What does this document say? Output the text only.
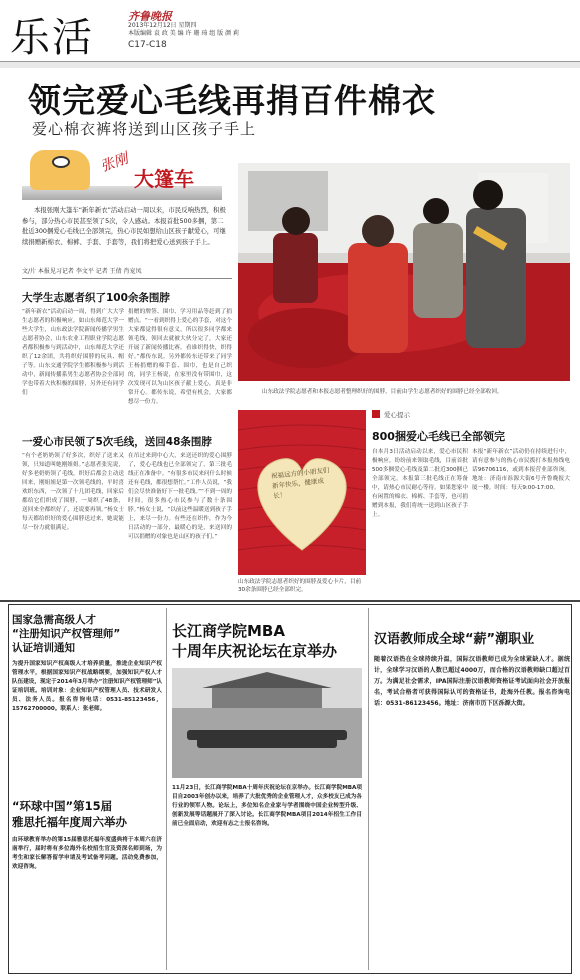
乐活	齐鲁晚报
2013年12月12日 星期四
本版编辑 袁 政 美 编 许 珊 琦 组 版 颜 莉
C17-C18
领完爱心毛线再捐百件棉衣
爱心棉衣裤将送到山区孩子手上
张刚
大篷车
本报张刚大篷车“新年新衣”活动启动一周以来，市民反响热烈，积极参与，部分热心市民甚至领了5次，令人感动。本报首批500多捆，第二批近300捆爱心毛线已全部领完，热心市民如想给山区孩子献爱心，可继续捐赠新棉衣、棉裤、手套、手套等，我们将把爱心送到孩子手上。
文/片 本报见习记者 李文平 记者 王倩 肖宠凤
山东政法学院志愿者和本报志愿者整理织好的围脖，目前由学生志愿者织好的围脖已经全部收回。
大学生志愿者织了100余条围脖
“新年新衣”活动启动一周，得到广大大学生志愿者的积极响应。如山东师范大学一些大学生，山东政法学院新闻传播学男生志愿者协会，山东农业工程职业学院志愿者都积极参与到活动中，山东师范大学还织了12余团，共将织好围脖的玩具、帽子等。山东交通学院学生都积极参与到活动中，新闻传播系男生志愿者协会全部同学也带着大伙积极的围脖，另外还有同学们
捐赠的牌签、围巾、学习用品等赶到了捐赠点。“一看到织得上爱心的手套，对这个大家都觉得很有意义，所以很多同学都来领毛线，领回去就被大伙分完了，大家还开展了新闻传播比赛，看谁织得快，织得好。”都传东说。另外都传东还带来了同学王杨捐赠的棉手套、围巾，也是自己织的，同学王杨说，在家里没有带围巾，这次发现可以为山区孩子献上爱心，真是非常开心。都传东说，希望有机会，大家都想尽一份力。
一爱心市民领了5次毛线，送回48条围脖
“有个老奶奶领了好多次，织好了送来又领，只知道叫她刚姐姐。”志愿者张宪说，好多老奶奶领了毛线，织好后都会主动送回来，刚姐姐是第一次领毛线的，平时喜欢织东西，一次领了十几团毛线，回家后都给它们织成了围脖，一周织了48条，送回来全都织好了，还说要再领。”杨女士每天都给织好的爱心围脖送过来，她说能尽一份力就很满足。
在吊过来到中心大，来送还织的爱心围脖了，爱心毛线也已全部领完了，第三批毛线正在准备中。“有很多市民来问什么时候还有毛线，都很想帮忙。”工作人员说，“我们会尽快准备好下一批毛线。”“不到一周的时间，很多热心市民参与了数十条围脖。”杨女士说，“以前这些温暖送到孩子手上，来尽一份力。有些还在织作，作为今日活动的一部分，最暖心的是，来送回的可以捐赠的对象也是山区的孩子们。”
祝福远方的小朋友们新年快乐，健康成长！
山东政法学院志愿者织好的围脖及爱心卡片，目前30余条围脖已经全部织完。
爱心提示
800捆爱心毛线已全部领完
自本月3日活动启动以来，爱心市民积极响应，纷纷前来领取毛线，目前首批500多捆爱心毛线及第二批近300捆已全部领完。本报第三批毛线正在筹备中，请热心市民耐心等待。如果您家中有闲置的棉衣、棉裤、手套等，也可捐赠到本报，我们将统一送到山区孩子手上。
本报“新年新衣”活动仍在持续进行中，请有意参与的热心市民拨打本报热线电话96706116，或到本报营业部咨询。地址：济南市泺源大街6号齐鲁晚报大厦一楼。时间：每天9:00-17:00。
国家急需高级人才
“注册知识产权管理师”
认证培训通知
为提升国家知识产权高级人才培养质量，推进企业知识产权管理水平，根据国家知识产权战略纲要，加强知识产权人才队伍建设，现定于2014年3月举办“注册知识产权管理师”认证培训班。培训对象：企业知识产权管理人员、技术研发人员、法务人员。报名咨询电话：0531-85123456，15762700000。联系人：张老师。
“环球中国”第15届
雅思托福年度周六举办
由环球教育举办的第15届雅思托福年度盛典将于本周六在济南举行，届时将有多位海外名校招生官及资深名师到场，为考生和家长解答留学申请及考试备考问题。活动免费参加，欢迎咨询。
长江商学院MBA
十周年庆祝论坛在京举办
11月23日，长江商学院MBA十周年庆祝论坛在京举办。长江商学院MBA项目自2003年创办以来，培养了大批优秀的企业管理人才，众多校友已成为各行业的领军人物。论坛上，多位知名企业家与学者围绕中国企业转型升级、创新发展等话题展开了深入讨论。长江商学院MBA项目2014年招生工作目前已全面启动，欢迎有志之士报名咨询。
汉语教师成全球“薪”潮职业
随着汉语热在全球持续升温，国际汉语教师已成为全球紧缺人才。据统计，全球学习汉语的人数已超过4000万，而合格的汉语教师缺口超过百万。为满足社会需求，IPA国际注册汉语教师资格证考试面向社会开放报名，考试合格者可获得国际认可的资格证书，赴海外任教。报名咨询电话：0531-86123456。地址：济南市历下区泺源大街。
